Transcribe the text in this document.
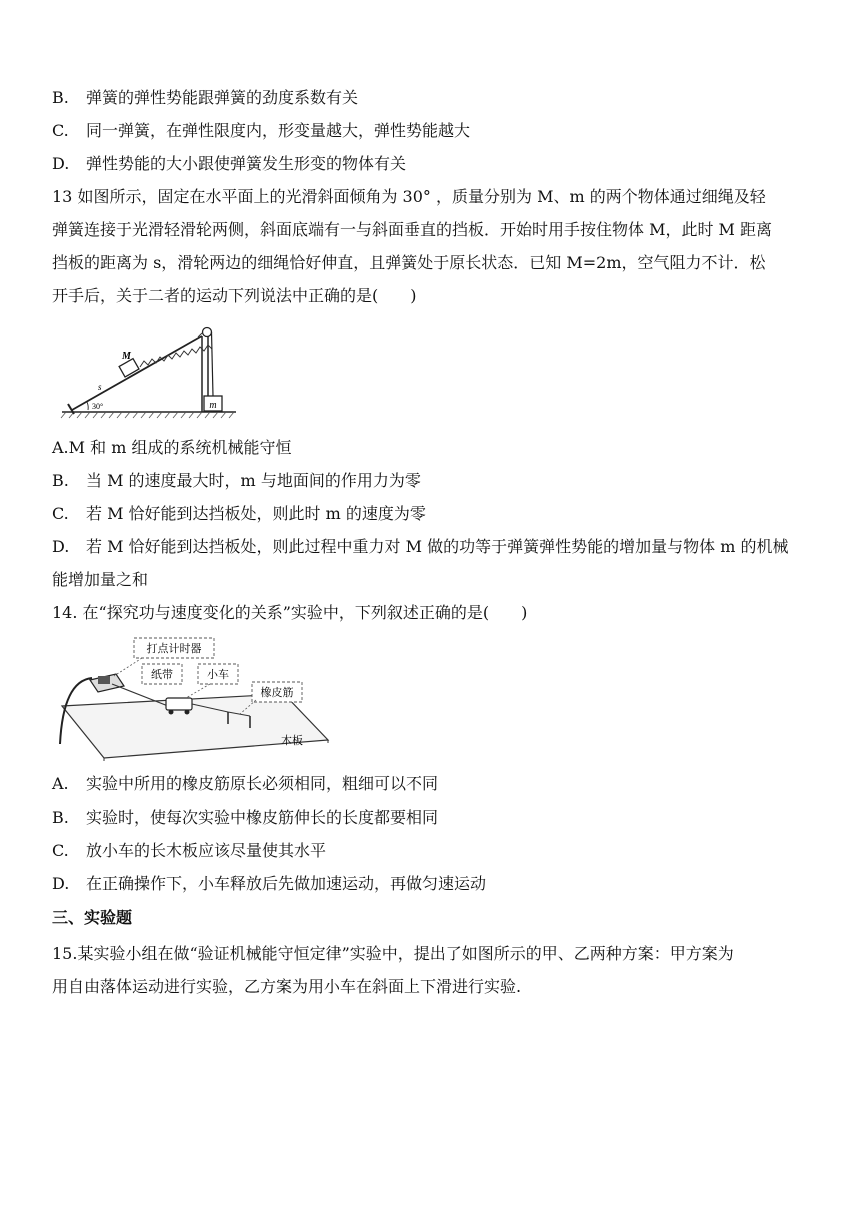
B. 弹簧的弹性势能跟弹簧的劲度系数有关
C. 同一弹簧，在弹性限度内，形变量越大，弹性势能越大
D. 弹性势能的大小跟使弹簧发生形变的物体有关
13 如图所示，固定在水平面上的光滑斜面倾角为 30° ，质量分别为 M、m 的两个物体通过细绳及轻
弹簧连接于光滑轻滑轮两侧，斜面底端有一与斜面垂直的挡板．开始时用手按住物体 M，此时 M 距离
挡板的距离为 s，滑轮两边的细绳恰好伸直，且弹簧处于原长状态．已知 M=2m，空气阻力不计．松
开手后，关于二者的运动下列说法中正确的是(　　)
m
M
s
30°
A.M 和 m 组成的系统机械能守恒
B. 当 M 的速度最大时，m 与地面间的作用力为零
C. 若 M 恰好能到达挡板处，则此时 m 的速度为零
D. 若 M 恰好能到达挡板处，则此过程中重力对 M 做的功等于弹簧弹性势能的增加量与物体 m 的机械
能增加量之和
14. 在“探究功与速度变化的关系”实验中，下列叙述正确的是(　　)
打点计时器
纸带	小车
橡皮筋
木板
A. 实验中所用的橡皮筋原长必须相同，粗细可以不同
B. 实验时，使每次实验中橡皮筋伸长的长度都要相同
C. 放小车的长木板应该尽量使其水平
D. 在正确操作下，小车释放后先做加速运动，再做匀速运动
三、实验题
15.某实验小组在做“验证机械能守恒定律”实验中，提出了如图所示的甲、乙两种方案：甲方案为
用自由落体运动进行实验，乙方案为用小车在斜面上下滑进行实验.
